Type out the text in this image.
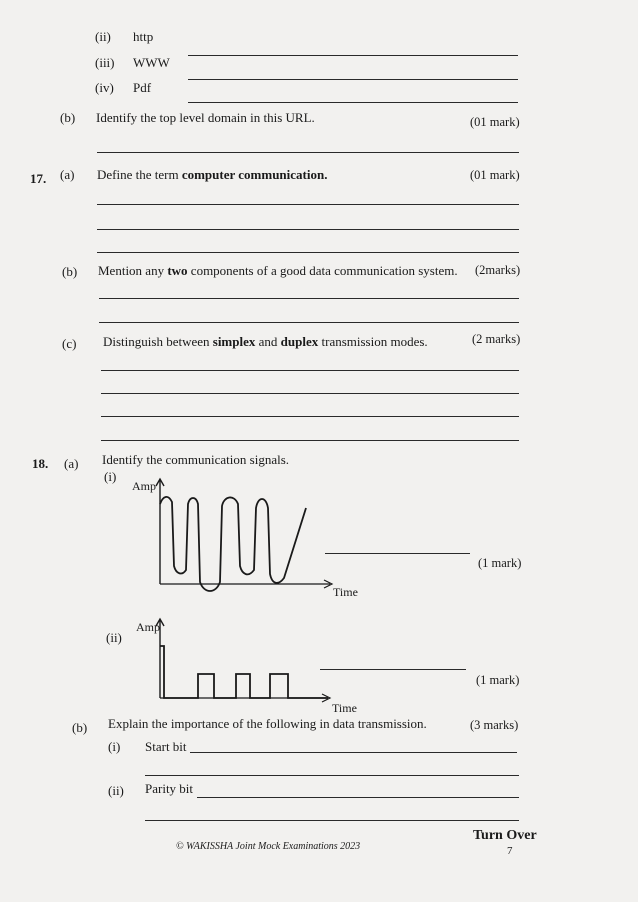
(ii) http
(iii) WWW
(iv) Pdf
(b) Identify the top level domain in this URL.	(01 mark)
17. (a) Define the term computer communication.	(01 mark)
(b) Mention any two components of a good data communication system. (2marks)
(c) Distinguish between simplex and duplex transmission modes.	(2 marks)
18. (a) Identify the communication signals.
(i)
Amp
Time
(1 mark)
(ii)
Amp
Time
(1 mark)
(b) Explain the importance of the following in data transmission.	(3 marks)
(i) Start bit
(ii) Parity bit
Turn Over
© WAKISSHA Joint Mock Examinations 2023	7
